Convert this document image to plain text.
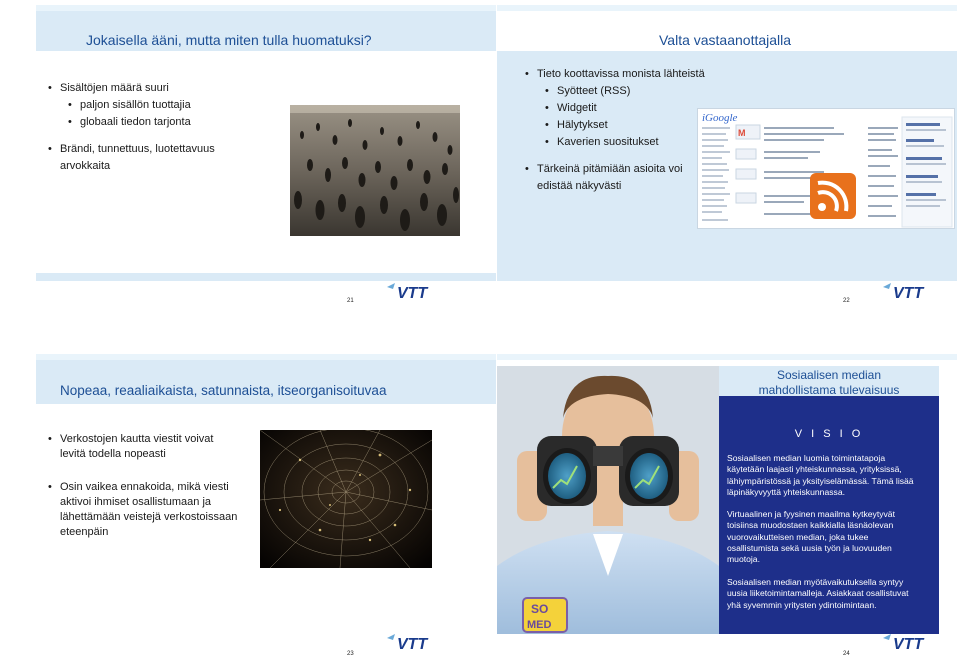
Jokaisella ääni, mutta miten tulla huomatuksi?
• Sisältöjen määrä suuri
• paljon sisällön tuottajia
• globaali tiedon tarjonta
• Brändi, tunnettuus, luotettavuus
arvokkaita
21	VTT
Valta vastaanottajalla
• Tieto koottavissa monista lähteistä
• Syötteet (RSS)
• Widgetit
• Hälytykset
• Kaverien suositukset
• Tärkeinä pitämiään asioita voi
edistää näkyvästi
iGoogle
M
22	VTT
Nopeaa, reaaliaikaista, satunnaista, itseorganisoituvaa
• Verkostojen kautta viestit voivat
levitä todella nopeasti
• Osin vaikea ennakoida, mikä viesti
aktivoi ihmiset osallistumaan ja
lähettämään veistejä verkostoissaan
eteenpäin
23
VTT
SO
MED
Sosiaalisen median
mahdollistama tulevaisuus
V I S I O
Sosiaalisen median luomia toimintatapoja
käytetään laajasti yhteiskunnassa, yrityksissä,
lähiympäristössä ja yksityiselämässä. Tämä lisää
läpinäkyvyyttä yhteiskunnassa.
Virtuaalinen ja fyysinen maailma kytkeytyvät
toisiinsa muodostaen kaikkialla läsnäolevan
vuorovaikutteisen median, joka tukee
osallistumista sekä uusia työn ja luovuuden
muotoja.
Sosiaalisen median myötävaikutuksella syntyy
uusia liiketoimintamalleja. Asiakkaat osallistuvat
yhä syvemmin yritysten ydintoimintaan.
24
VTT
